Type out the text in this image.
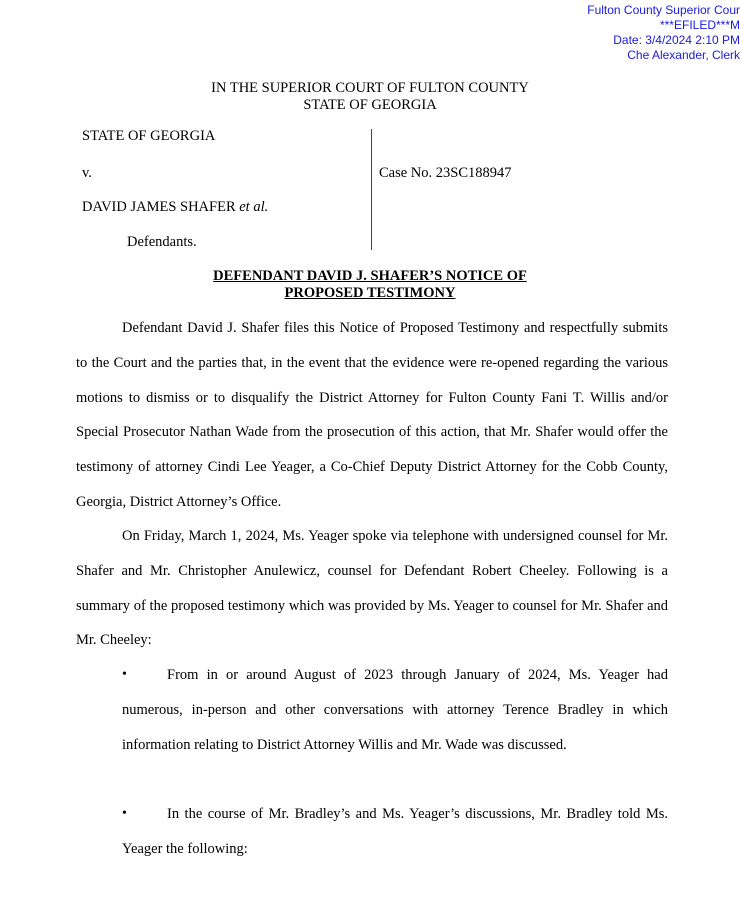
Fulton County Superior Cour
***EFILED***M
Date: 3/4/2024 2:10 PM
Che Alexander, Clerk
IN THE SUPERIOR COURT OF FULTON COUNTY
STATE OF GEORGIA
STATE OF GEORGIA
v.
DAVID JAMES SHAFER et al.
Defendants.
Case No. 23SC188947
DEFENDANT DAVID J. SHAFER’S NOTICE OF
PROPOSED TESTIMONY

Defendant David J. Shafer files this Notice of Proposed Testimony and respectfully submits to the Court and the parties that, in the event that the evidence were re-opened regarding the various motions to dismiss or to disqualify the District Attorney for Fulton County Fani T. Willis and/or Special Prosecutor Nathan Wade from the prosecution of this action, that Mr. Shafer would offer the testimony of attorney Cindi Lee Yeager, a Co-Chief Deputy District Attorney for the Cobb County, Georgia, District Attorney’s Office.

On Friday, March 1, 2024, Ms. Yeager spoke via telephone with undersigned counsel for Mr. Shafer and Mr. Christopher Anulewicz, counsel for Defendant Robert Cheeley. Following is a summary of the proposed testimony which was provided by Ms. Yeager to counsel for Mr. Shafer and Mr. Cheeley:

•	From in or around August of 2023 through January of 2024, Ms. Yeager had numerous, in-person and other conversations with attorney Terence Bradley in which information relating to District Attorney Willis and Mr. Wade was discussed.

•	In the course of Mr. Bradley’s and Ms. Yeager’s discussions, Mr. Bradley told Ms. Yeager the following:
